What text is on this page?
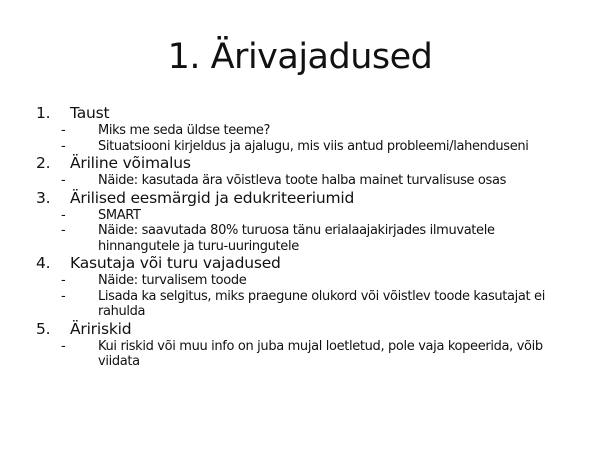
1. Ärivajadused
1.	Taust
-	Miks me seda üldse teeme?
-	Situatsiooni kirjeldus ja ajalugu, mis viis antud probleemi/lahenduseni
2.	Äriline võimalus
-	Näide: kasutada ära võistleva toote halba mainet turvalisuse osas
3.	Ärilised eesmärgid ja edukriteeriumid
-	SMART
-	Näide: saavutada 80% turuosa tänu erialaajakirjades ilmuvatele hinnangutele ja turu-uuringutele
4.	Kasutaja või turu vajadused
-	Näide: turvalisem toode
-	Lisada ka selgitus, miks praegune olukord või võistlev toode kasutajat ei rahulda
5.	Äririskid
-	Kui riskid või muu info on juba mujal loetletud, pole vaja kopeerida, võib viidata
